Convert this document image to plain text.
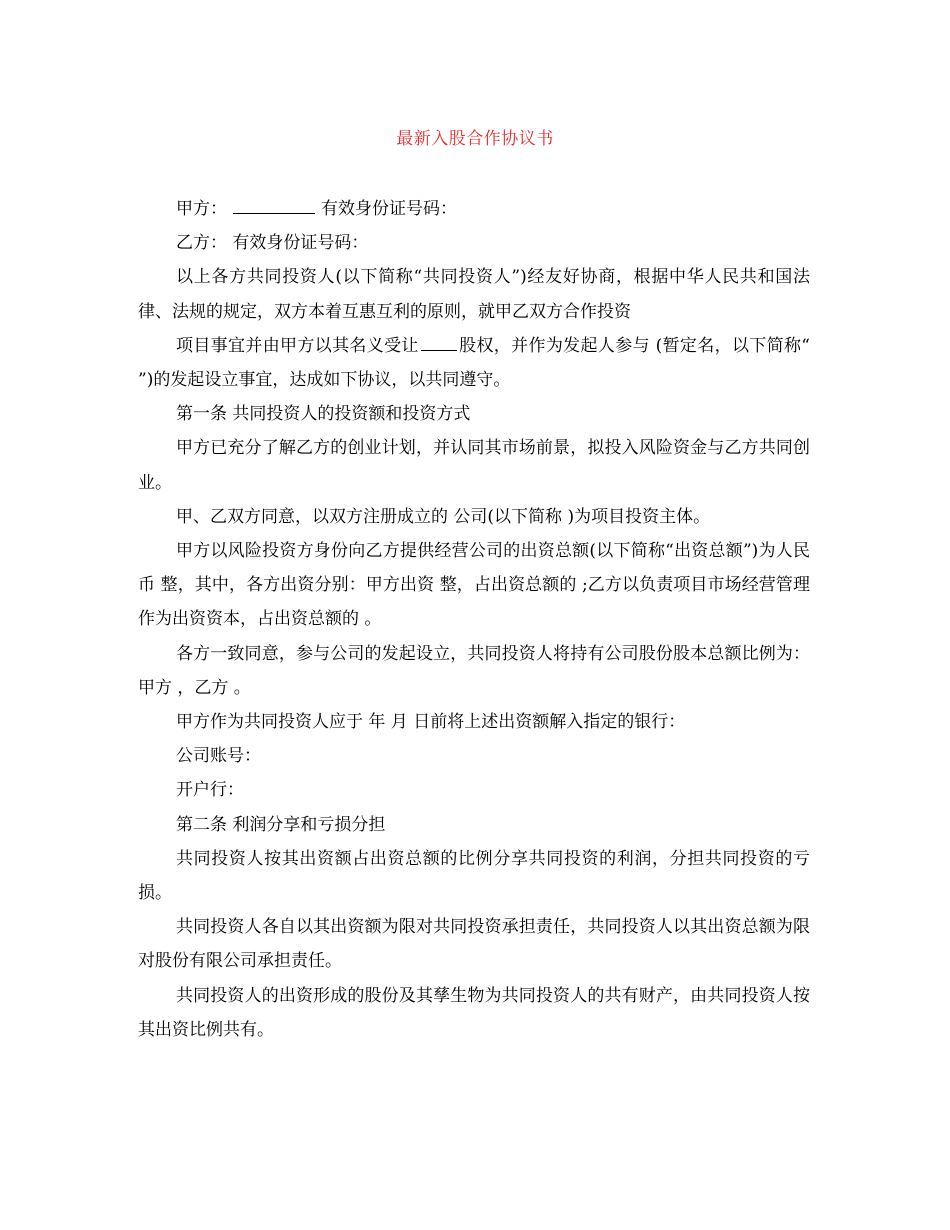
最新入股合作协议书

甲方：	有效身份证号码：

乙方： 有效身份证号码：

以上各方共同投资人(以下简称“共同投资人”)经友好协商，根据中华人民共和国法律、法规的规定，双方本着互惠互利的原则，就甲乙双方合作投资

项目事宜并由甲方以其名义受让 股权，并作为发起人参与 (暂定名，以下简称“ ”)的发起设立事宜，达成如下协议，以共同遵守。

第一条 共同投资人的投资额和投资方式

甲方已充分了解乙方的创业计划，并认同其市场前景，拟投入风险资金与乙方共同创业。

甲、乙双方同意，以双方注册成立的 公司(以下简称 )为项目投资主体。

甲方以风险投资方身份向乙方提供经营公司的出资总额(以下简称“出资总额”)为人民币 整，其中，各方出资分别：甲方出资 整，占出资总额的 ;乙方以负责项目市场经营管理作为出资资本，占出资总额的 。

各方一致同意，参与公司的发起设立，共同投资人将持有公司股份股本总额比例为：甲方 ，乙方 。

甲方作为共同投资人应于 年 月 日前将上述出资额解入指定的银行：

公司账号：

开户行：

第二条 利润分享和亏损分担

共同投资人按其出资额占出资总额的比例分享共同投资的利润，分担共同投资的亏损。

共同投资人各自以其出资额为限对共同投资承担责任，共同投资人以其出资总额为限对股份有限公司承担责任。

共同投资人的出资形成的股份及其孳生物为共同投资人的共有财产，由共同投资人按其出资比例共有。
